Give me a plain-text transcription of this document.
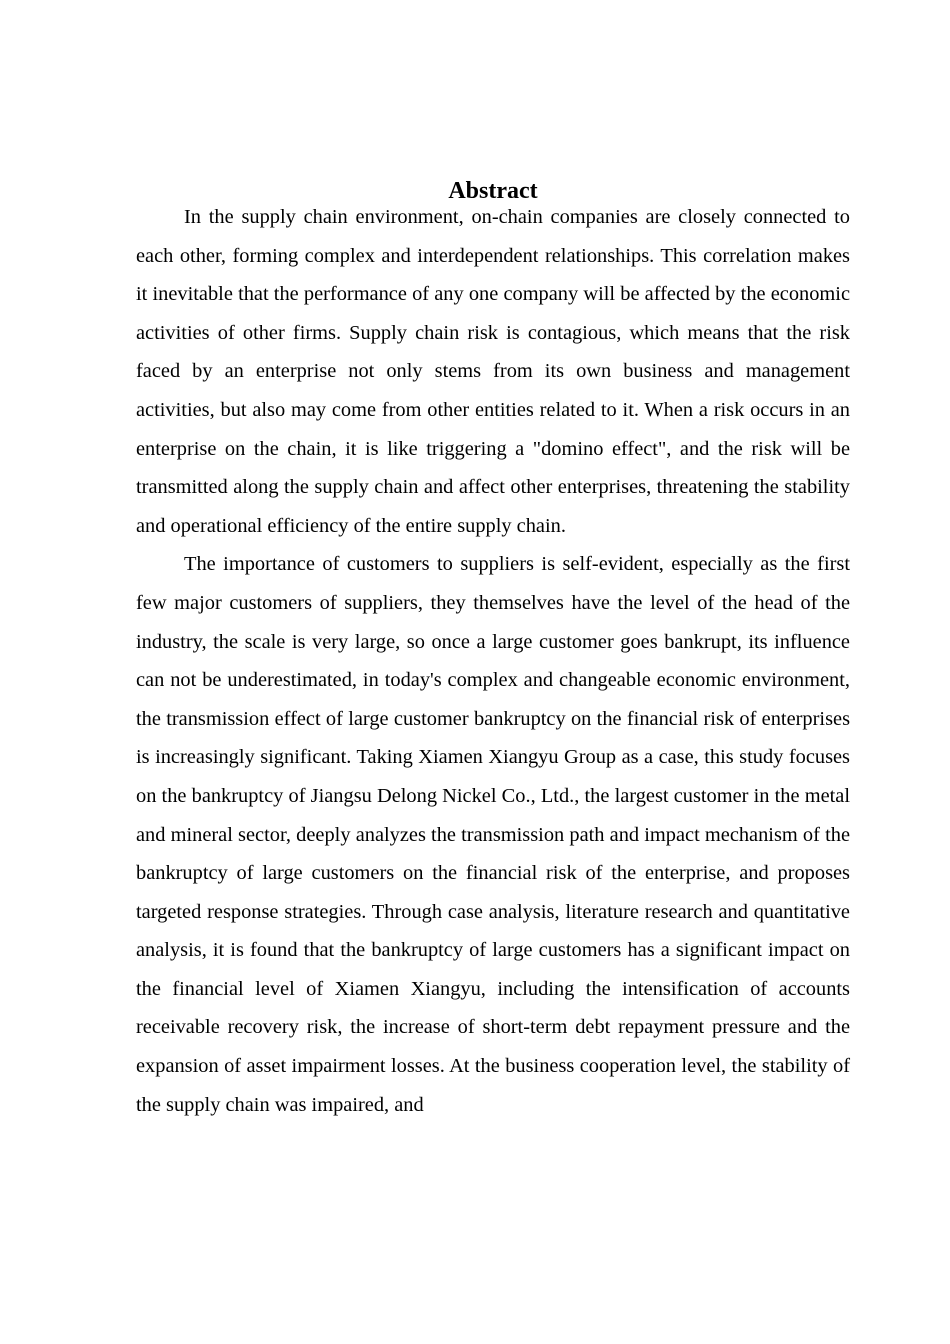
Abstract

In the supply chain environment, on-chain companies are closely connected to each other, forming complex and interdependent relationships. This correlation makes it inevitable that the performance of any one company will be affected by the economic activities of other firms. Supply chain risk is contagious, which means that the risk faced by an enterprise not only stems from its own business and management activities, but also may come from other entities related to it. When a risk occurs in an enterprise on the chain, it is like triggering a "domino effect", and the risk will be transmitted along the supply chain and affect other enterprises, threatening the stability and operational efficiency of the entire supply chain.

The importance of customers to suppliers is self-evident, especially as the first few major customers of suppliers, they themselves have the level of the head of the industry, the scale is very large, so once a large customer goes bankrupt, its influence can not be underestimated, in today's complex and changeable economic environment, the transmission effect of large customer bankruptcy on the financial risk of enterprises is increasingly significant. Taking Xiamen Xiangyu Group as a case, this study focuses on the bankruptcy of Jiangsu Delong Nickel Co., Ltd., the largest customer in the metal and mineral sector, deeply analyzes the transmission path and impact mechanism of the bankruptcy of large customers on the financial risk of the enterprise, and proposes targeted response strategies. Through case analysis, literature research and quantitative analysis, it is found that the bankruptcy of large customers has a significant impact on the financial level of Xiamen Xiangyu, including the intensification of accounts receivable recovery risk, the increase of short-term debt repayment pressure and the expansion of asset impairment losses. At the business cooperation level, the stability of the supply chain was impaired, and
